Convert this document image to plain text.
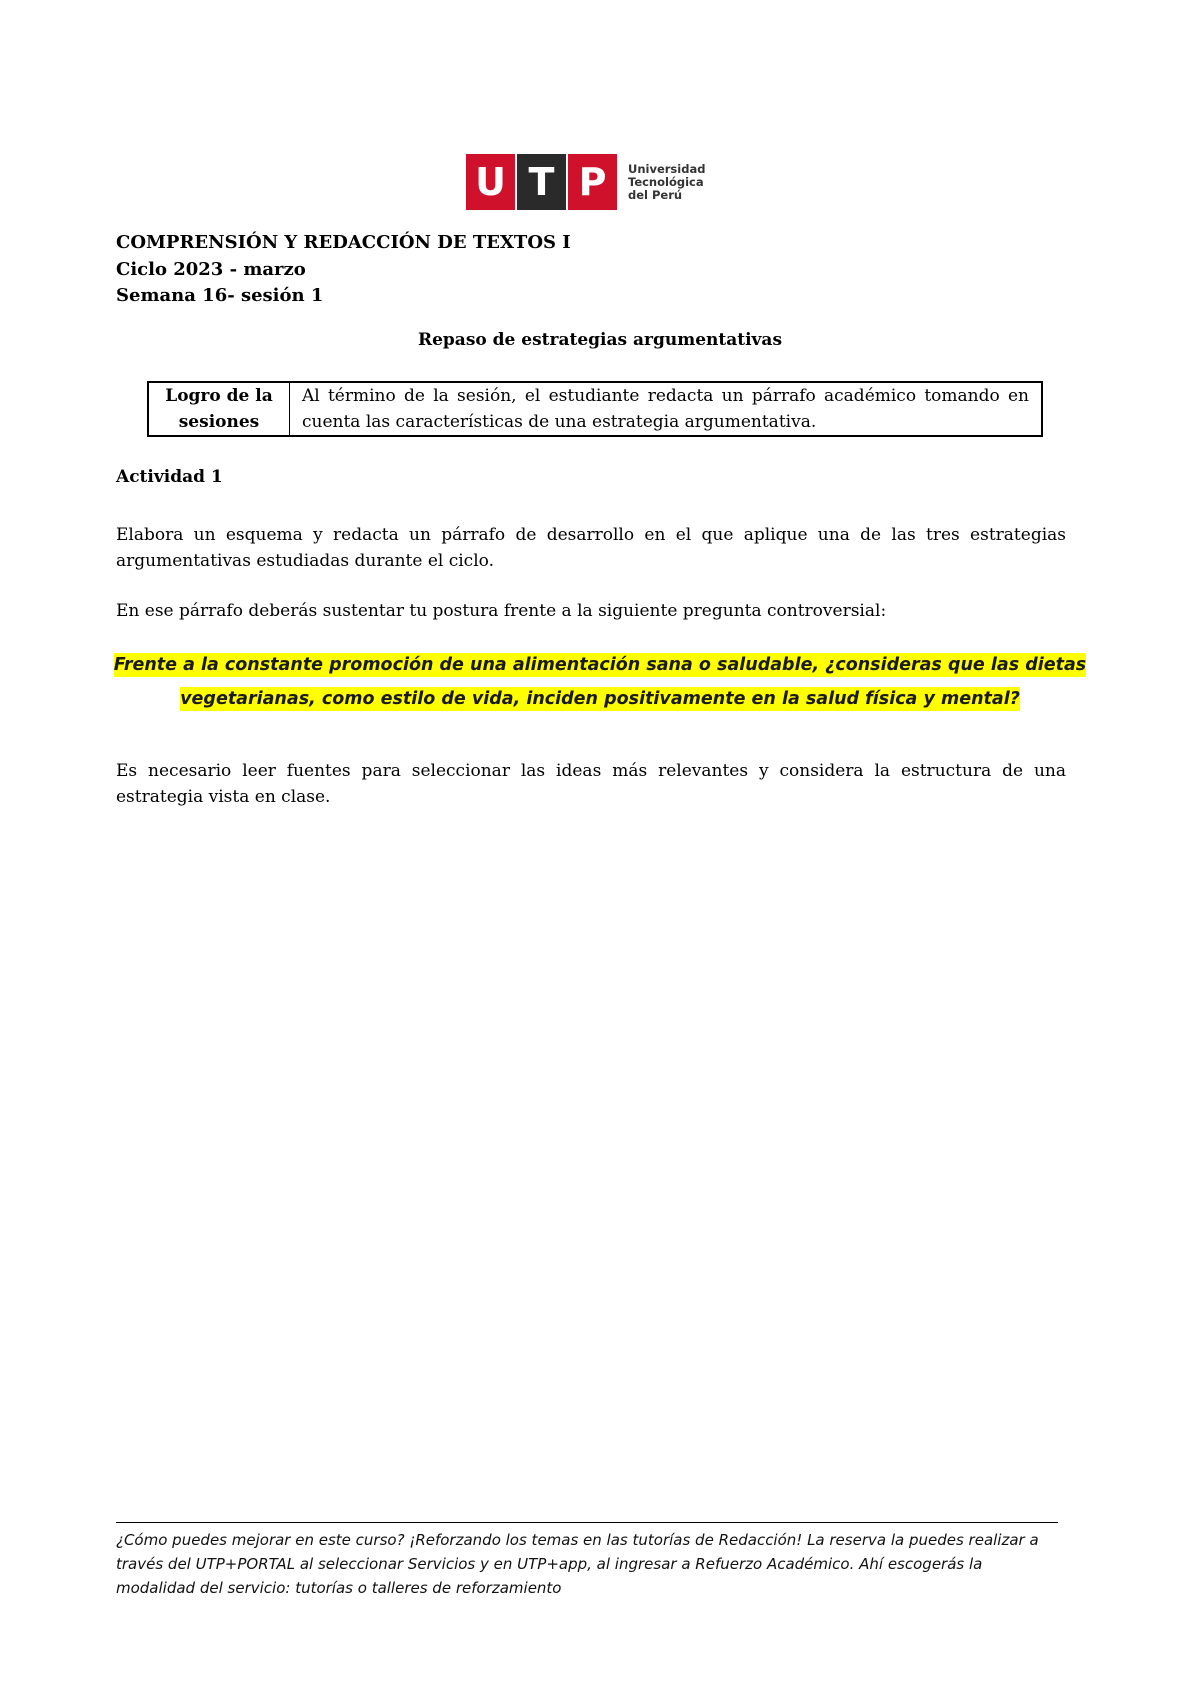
U T P	Universidad
Tecnológica
del Perú
COMPRENSIÓN Y REDACCIÓN DE TEXTOS I
Ciclo 2023 - marzo
Semana 16- sesión 1
Repaso de estrategias argumentativas
Logro de la
sesiones
	Al término de la sesión, el estudiante redacta un párrafo académico tomando en cuenta las características de una estrategia argumentativa.
Actividad 1
Elabora un esquema y redacta un párrafo de desarrollo en el que aplique una de las tres estrategias argumentativas estudiadas durante el ciclo.
En ese párrafo deberás sustentar tu postura frente a la siguiente pregunta controversial:
Frente a la constante promoción de una alimentación sana o saludable, ¿consideras que las dietas
vegetarianas, como estilo de vida, inciden positivamente en la salud física y mental?
Es necesario leer fuentes para seleccionar las ideas más relevantes y considera la estructura de una estrategia vista en clase.
¿Cómo puedes mejorar en este curso? ¡Reforzando los temas en las tutorías de Redacción! La reserva la puedes realizar a través del UTP+PORTAL al seleccionar Servicios y en UTP+app, al ingresar a Refuerzo Académico. Ahí escogerás la modalidad del servicio: tutorías o talleres de reforzamiento
